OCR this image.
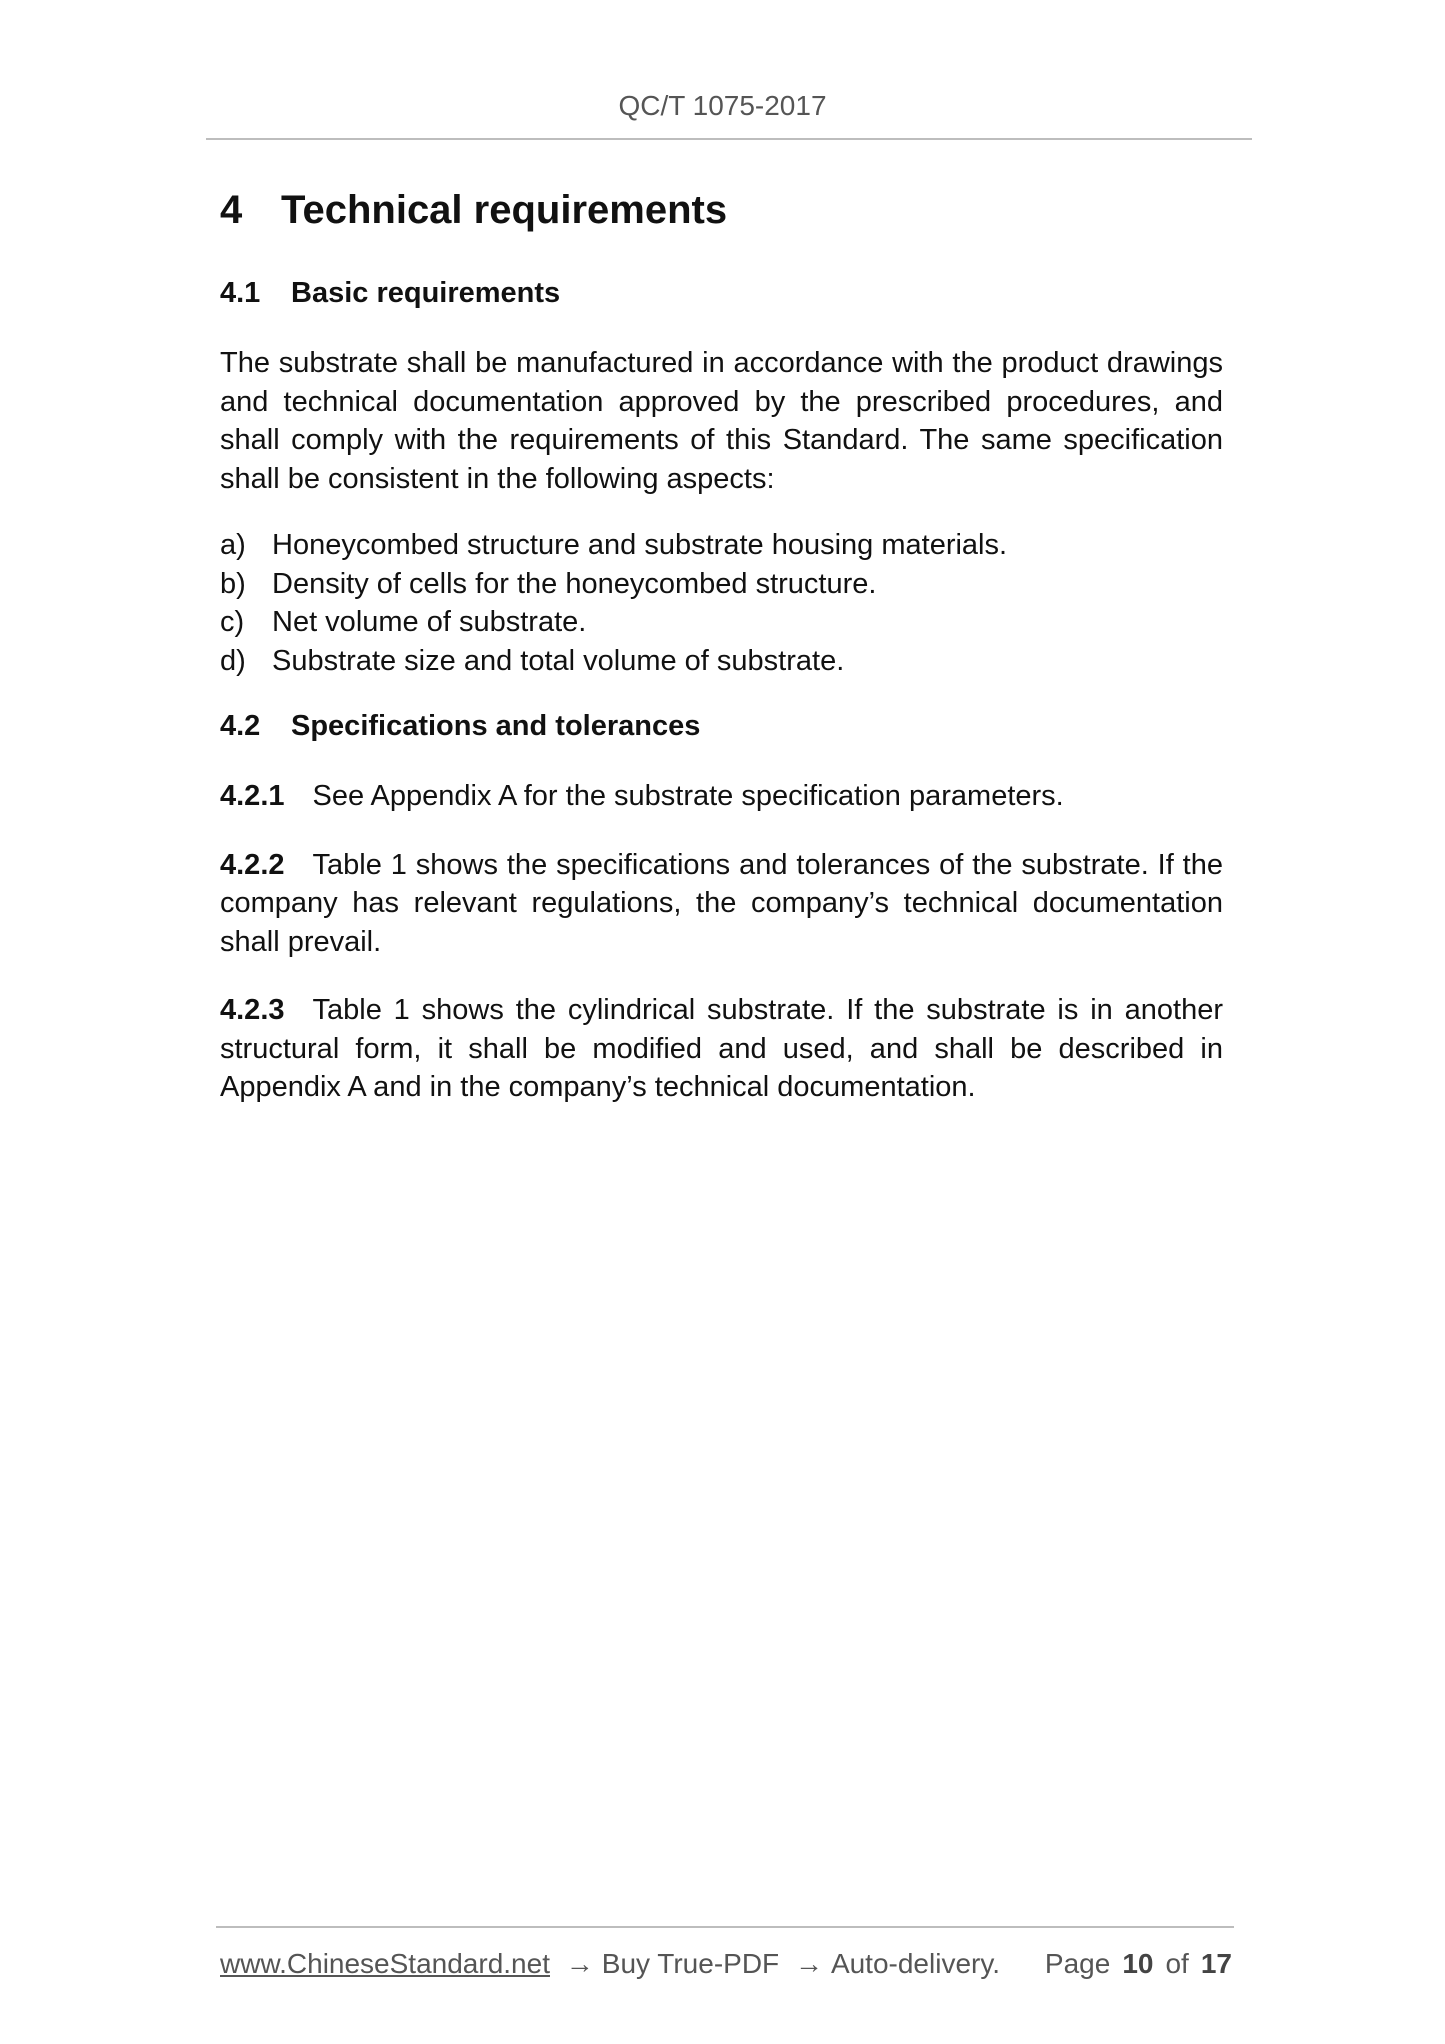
QC/T 1075-2017
4 Technical requirements
4.1	Basic requirements

The substrate shall be manufactured in accordance with the product drawings and technical documentation approved by the prescribed procedures, and shall comply with the requirements of this Standard. The same specification shall be consistent in the following aspects:

a) Honeycombed structure and substrate housing materials.
b) Density of cells for the honeycombed structure.
c) Net volume of substrate.
d) Substrate size and total volume of substrate.
4.2	Specifications and tolerances

4.2.1 See Appendix A for the substrate specification parameters.

4.2.2 Table 1 shows the specifications and tolerances of the substrate. If the company has relevant regulations, the company’s technical documentation shall prevail.

4.2.3 Table 1 shows the cylindrical substrate. If the substrate is in another structural form, it shall be modified and used, and shall be described in Appendix A and in the company’s technical documentation.

www.ChineseStandard.net → Buy True-PDF → Auto-delivery. Page 10 of 17
